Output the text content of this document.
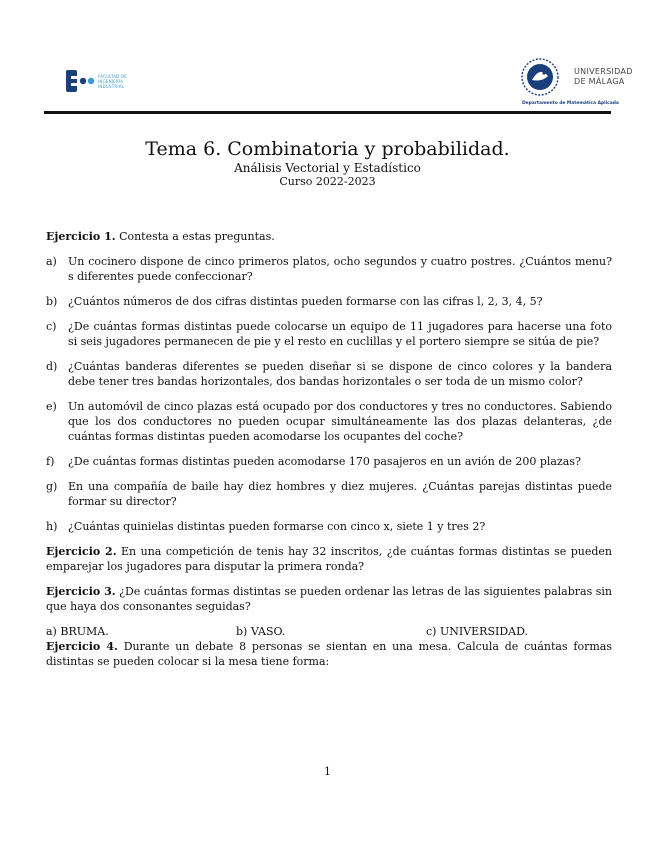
FACULTAD DE
INGENIERÍA
INDUSTRIAL
UNIVERSIDAD
DE MÁLAGA
Departamento de Matemática Aplicada
Tema 6. Combinatoria y probabilidad.

Análisis Vectorial y Estadístico

Curso 2022-2023

Ejercicio 1. Contesta a estas preguntas.

a) Un cocinero dispone de cinco primeros platos, ocho segundos y cuatro postres. ¿Cuántos menu?s diferentes puede confeccionar?
b) ¿Cuántos números de dos cifras distintas pueden formarse con las cifras l, 2, 3, 4, 5?
c) ¿De cuántas formas distintas puede colocarse un equipo de 11 jugadores para hacerse una foto si seis jugadores permanecen de pie y el resto en cuclillas y el portero siempre se sitúa de pie?
d) ¿Cuántas banderas diferentes se pueden diseñar si se dispone de cinco colores y la bandera debe tener tres bandas horizontales, dos bandas horizontales o ser toda de un mismo color?
e) Un automóvil de cinco plazas está ocupado por dos conductores y tres no conductores. Sabiendo que los dos conductores no pueden ocupar simultáneamente las dos plazas delanteras, ¿de cuántas formas distintas pueden acomodarse los ocupantes del coche?
f) ¿De cuántas formas distintas pueden acomodarse 170 pasajeros en un avión de 200 plazas?
g) En una compañía de baile hay diez hombres y diez mujeres. ¿Cuántas parejas distintas puede formar su director?
h) ¿Cuántas quinielas distintas pueden formarse con cinco x, siete 1 y tres 2?

Ejercicio 2. En una competición de tenis hay 32 inscritos, ¿de cuántas formas distintas se pueden emparejar los jugadores para disputar la primera ronda?

Ejercicio 3. ¿De cuántas formas distintas se pueden ordenar las letras de las siguientes palabras sin que haya dos consonantes seguidas?

a) BRUMA.	b) VASO.	c) UNIVERSIDAD.

Ejercicio 4. Durante un debate 8 personas se sientan en una mesa. Calcula de cuántas formas distintas se pueden colocar si la mesa tiene forma:

1
